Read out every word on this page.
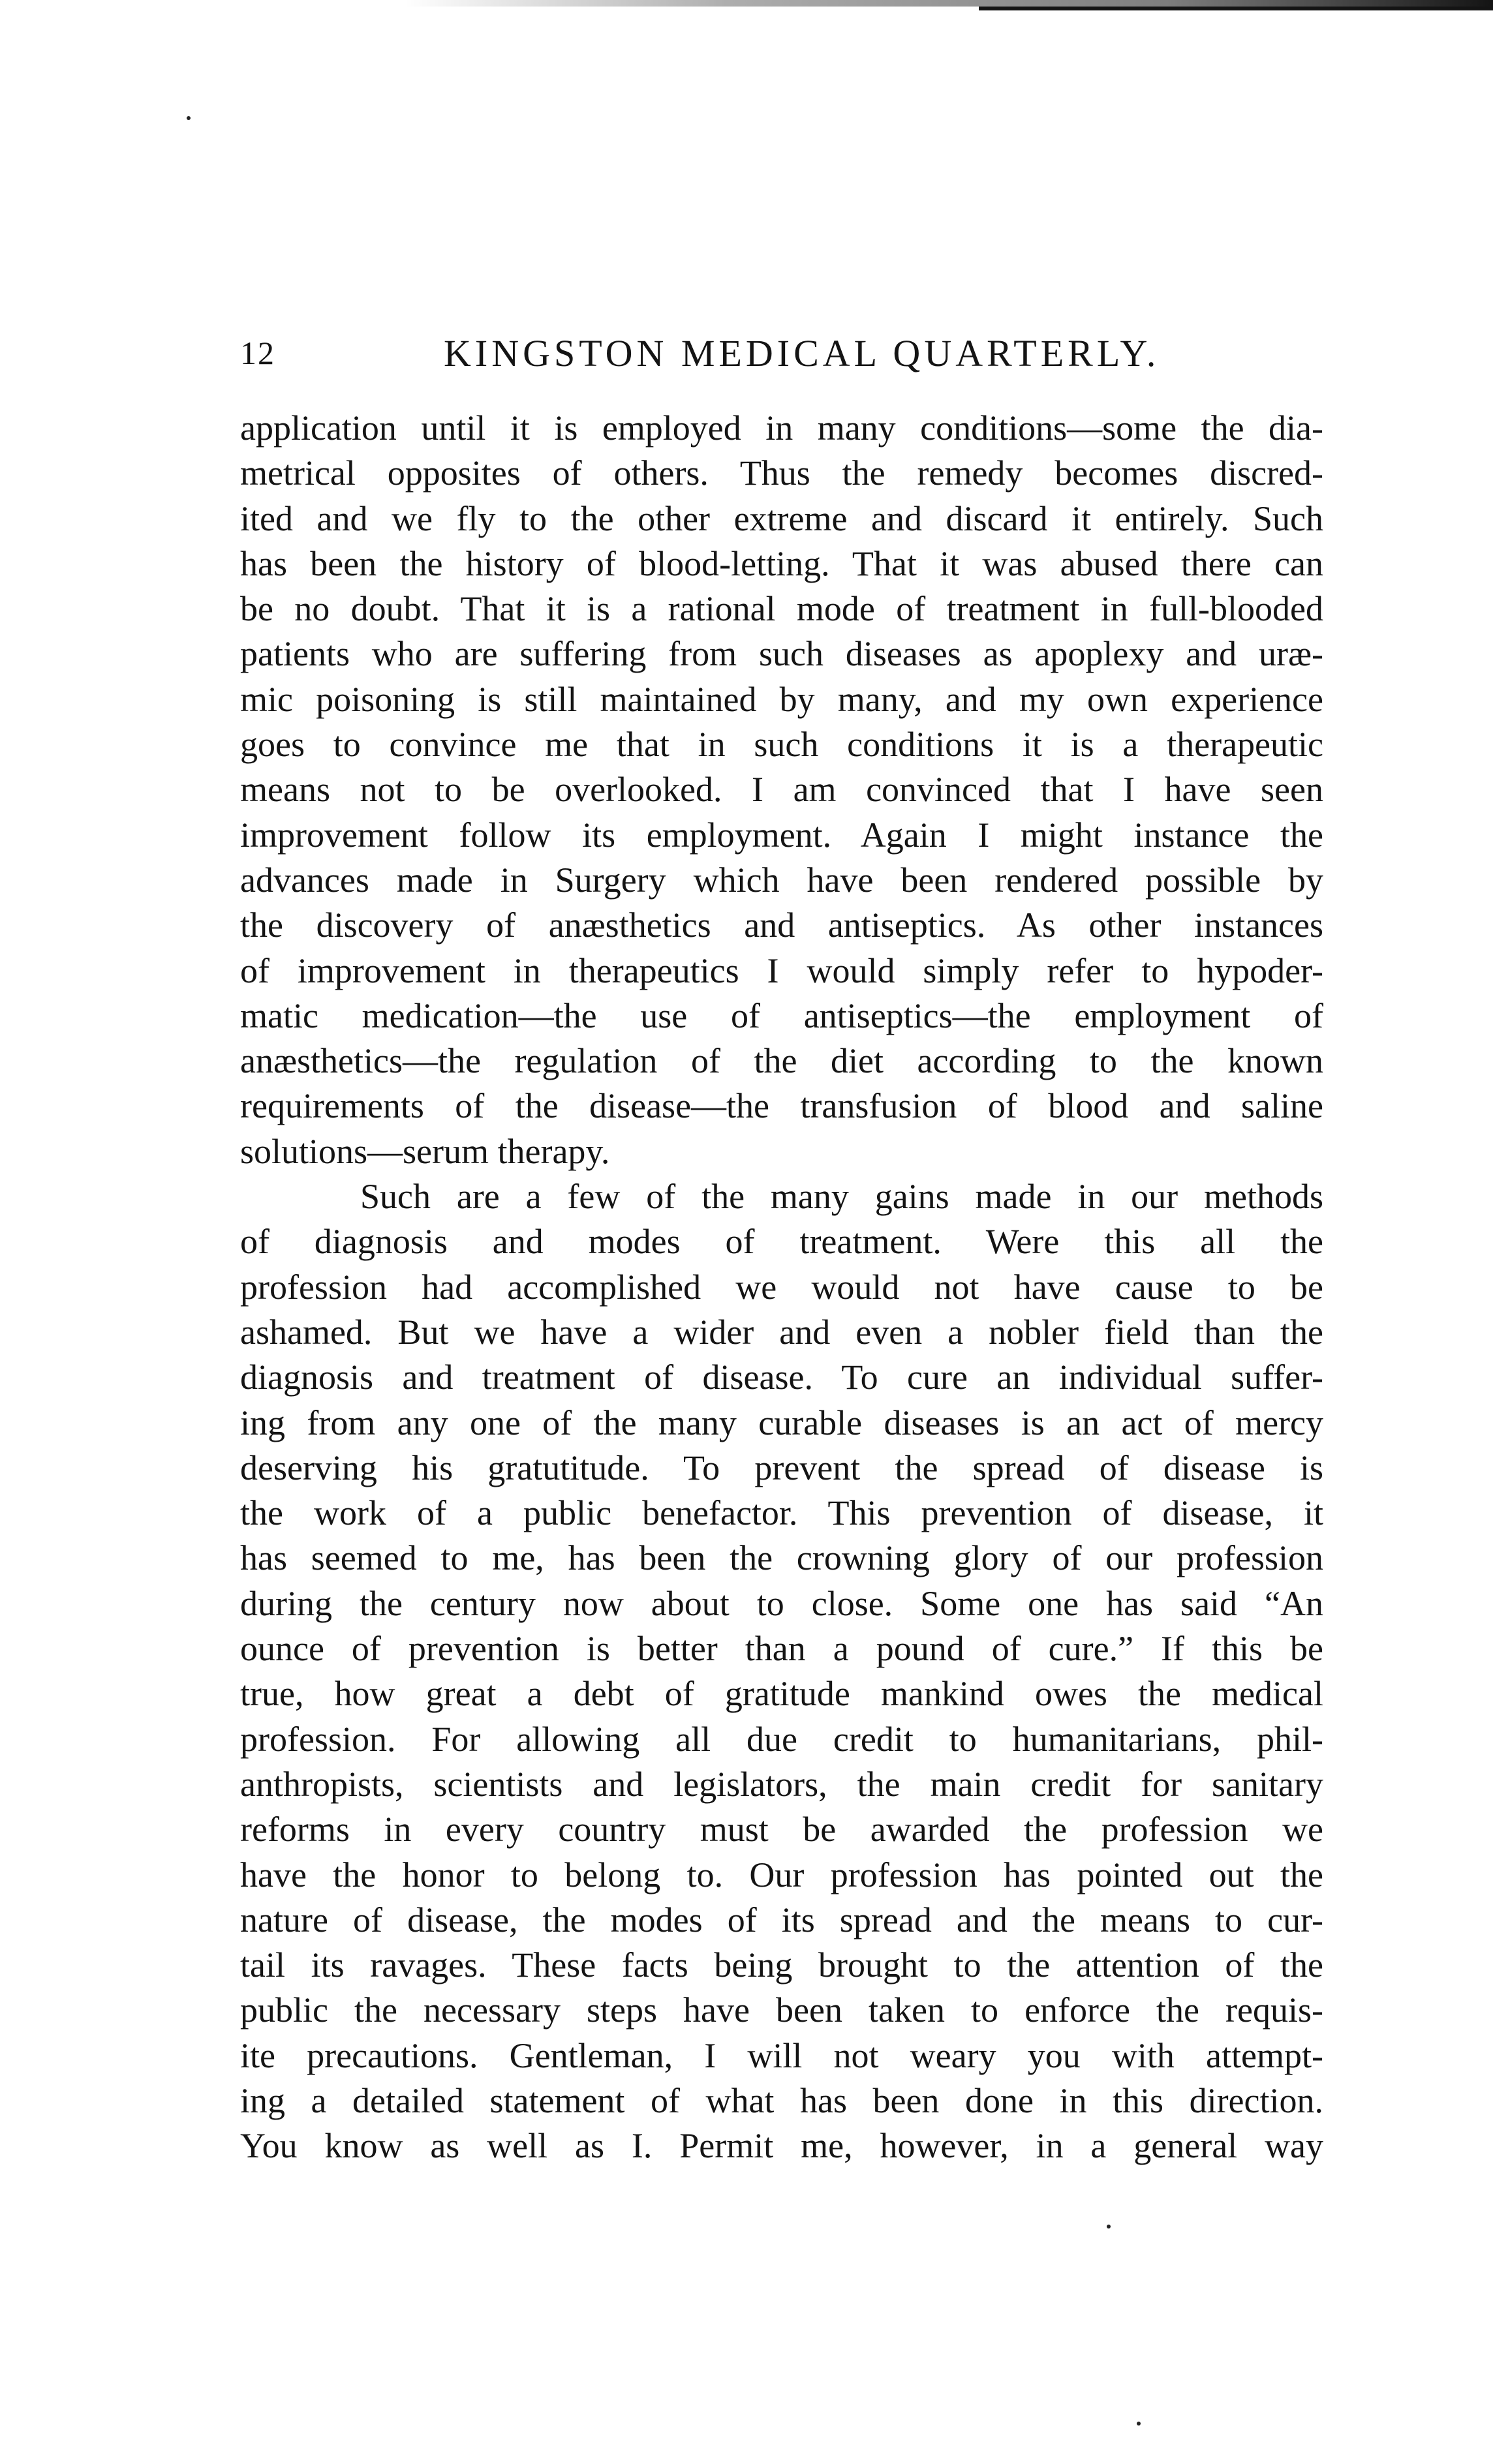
12	KINGSTON MEDICAL QUARTERLY.
application until it is employed in many conditions—some the dia-
metrical opposites of others. Thus the remedy becomes discred-
ited and we fly to the other extreme and discard it entirely. Such
has been the history of blood-letting. That it was abused there can
be no doubt. That it is a rational mode of treatment in full-blooded
patients who are suffering from such diseases as apoplexy and uræ-
mic poisoning is still maintained by many, and my own experience
goes to convince me that in such conditions it is a therapeutic
means not to be overlooked. I am convinced that I have seen
improvement follow its employment. Again I might instance the
advances made in Surgery which have been rendered possible by
the discovery of anæsthetics and antiseptics. As other instances
of improvement in therapeutics I would simply refer to hypoder-
matic medication—the use of antiseptics—the employment of
anæsthetics—the regulation of the diet according to the known
requirements of the disease—the transfusion of blood and saline
solutions—serum therapy.
Such are a few of the many gains made in our methods
of diagnosis and modes of treatment. Were this all the
profession had accomplished we would not have cause to be
ashamed. But we have a wider and even a nobler field than the
diagnosis and treatment of disease. To cure an individual suffer-
ing from any one of the many curable diseases is an act of mercy
deserving his gratutitude. To prevent the spread of disease is
the work of a public benefactor. This prevention of disease, it
has seemed to me, has been the crowning glory of our profession
during the century now about to close. Some one has said “An
ounce of prevention is better than a pound of cure.” If this be
true, how great a debt of gratitude mankind owes the medical
profession. For allowing all due credit to humanitarians, phil-
anthropists, scientists and legislators, the main credit for sanitary
reforms in every country must be awarded the profession we
have the honor to belong to. Our profession has pointed out the
nature of disease, the modes of its spread and the means to cur-
tail its ravages. These facts being brought to the attention of the
public the necessary steps have been taken to enforce the requis-
ite precautions. Gentleman, I will not weary you with attempt-
ing a detailed statement of what has been done in this direction.
You know as well as I. Permit me, however, in a general way
